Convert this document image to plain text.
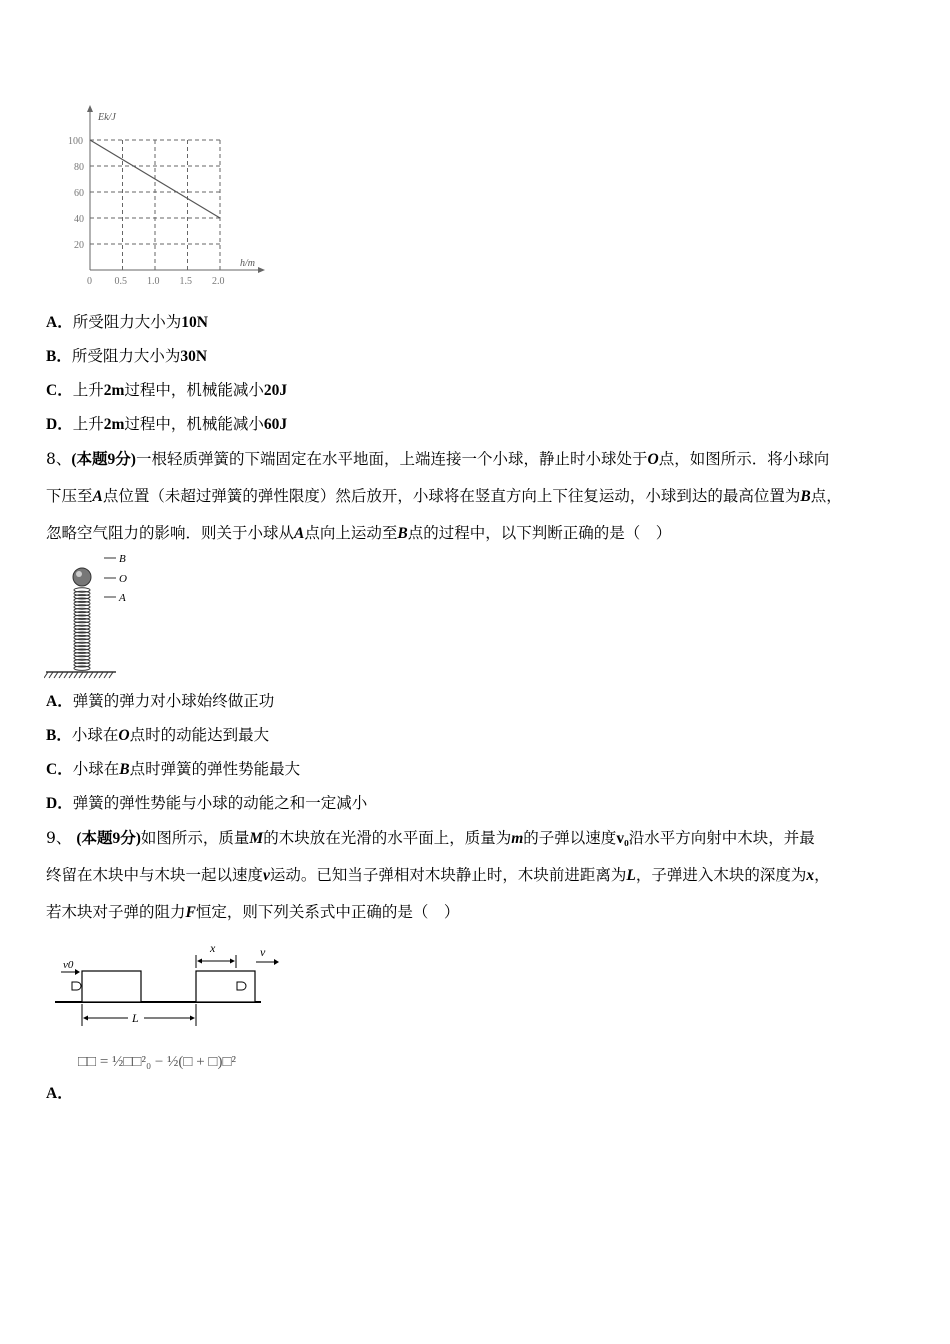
Ek/J
h/m
0 0.5 1.0 1.5 2.0
100
80
60
40
20
A．所受阻力大小为10N
B．所受阻力大小为30N
C．上升2m过程中，机械能减小20J
D．上升2m过程中，机械能减小60J
8、(本题9分)一根轻质弹簧的下端固定在水平地面，上端连接一个小球，静止时小球处于O点，如图所示．将小球向
下压至A点位置（未超过弹簧的弹性限度）然后放开，小球将在竖直方向上下往复运动，小球到达的最高位置为B点，
忽略空气阻力的影响．则关于小球从A点向上运动至B点的过程中，以下判断正确的是（　）
B
O
A
A．弹簧的弹力对小球始终做正功
B．小球在O点时的动能达到最大
C．小球在B点时弹簧的弹性势能最大
D．弹簧的弹性势能与小球的动能之和一定减小
9、 (本题9分)如图所示，质量M的木块放在光滑的水平面上，质量为m的子弹以速度v₀沿水平方向射中木块，并最
终留在木块中与木块一起以速度v运动。已知当子弹相对木块静止时，木块前进距离为L，子弹进入木块的深度为x，
若木块对子弹的阻力F恒定，则下列关系式中正确的是（　）
v0
x	v
L
□□ = ½□□²₀ − ½(□ + □)□²
A．
